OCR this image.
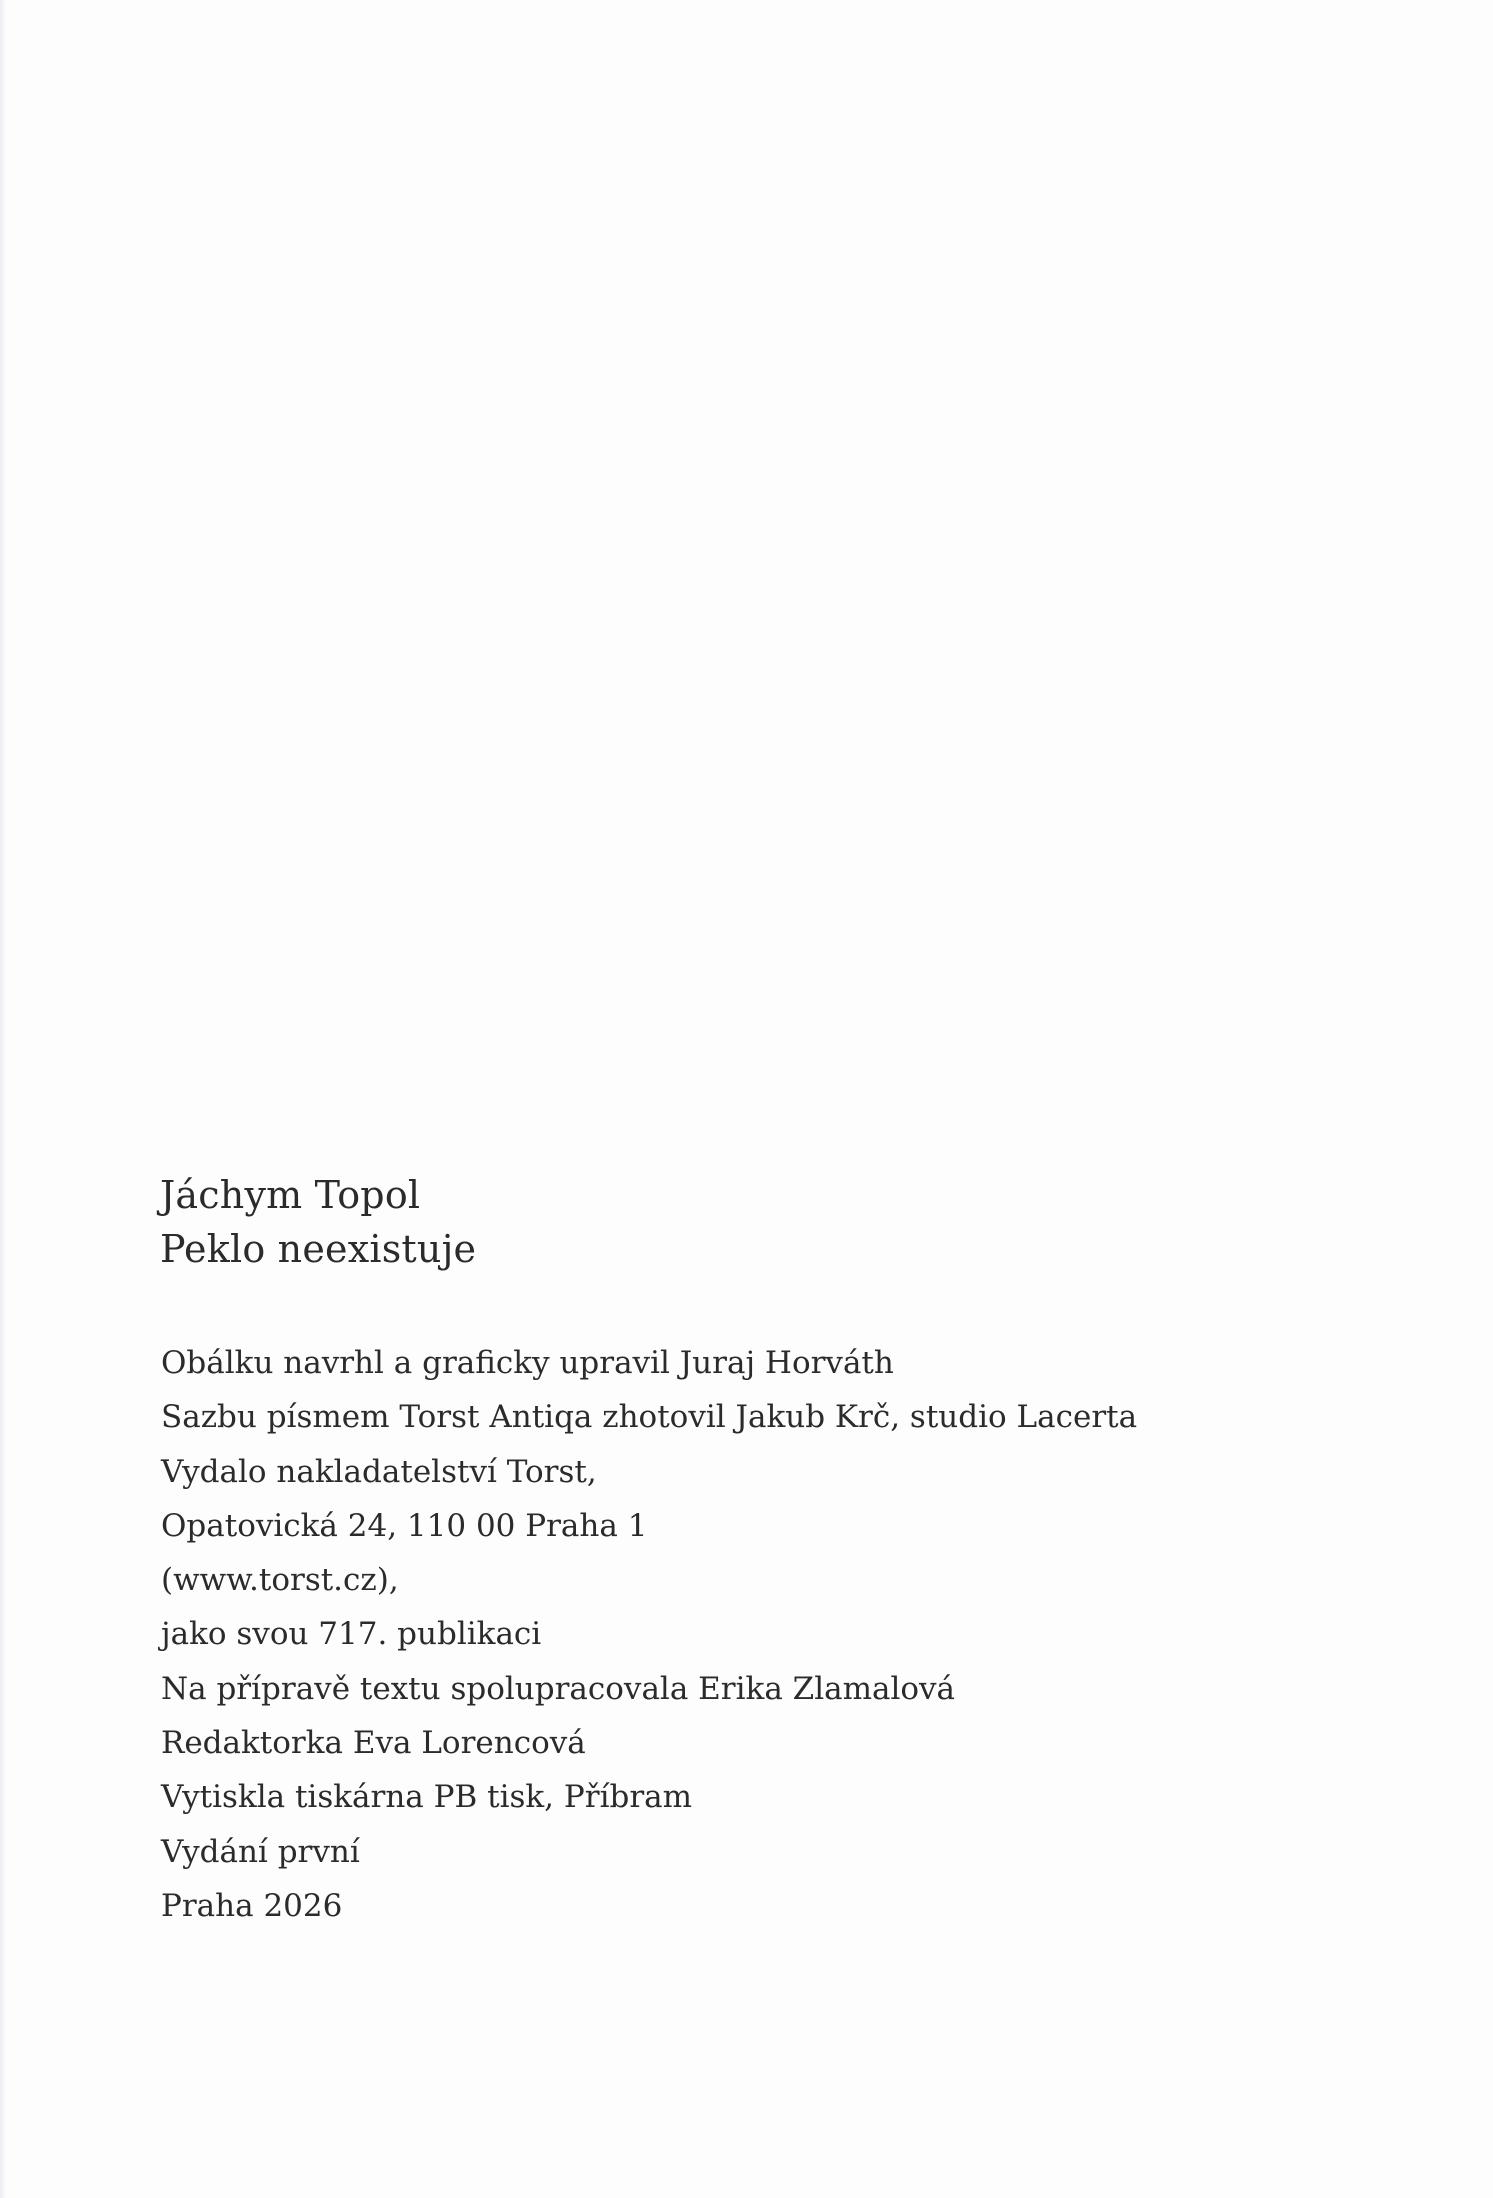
Jáchym Topol
Peklo neexistuje
Obálku navrhl a graficky upravil Juraj Horváth
Sazbu písmem Torst Antiqa zhotovil Jakub Krč, studio Lacerta
Vydalo nakladatelství Torst,
Opatovická 24, 110 00 Praha 1
(www.torst.cz),
jako svou 717. publikaci
Na přípravě textu spolupracovala Erika Zlamalová
Redaktorka Eva Lorencová
Vytiskla tiskárna PB tisk, Příbram
Vydání první
Praha 2026
